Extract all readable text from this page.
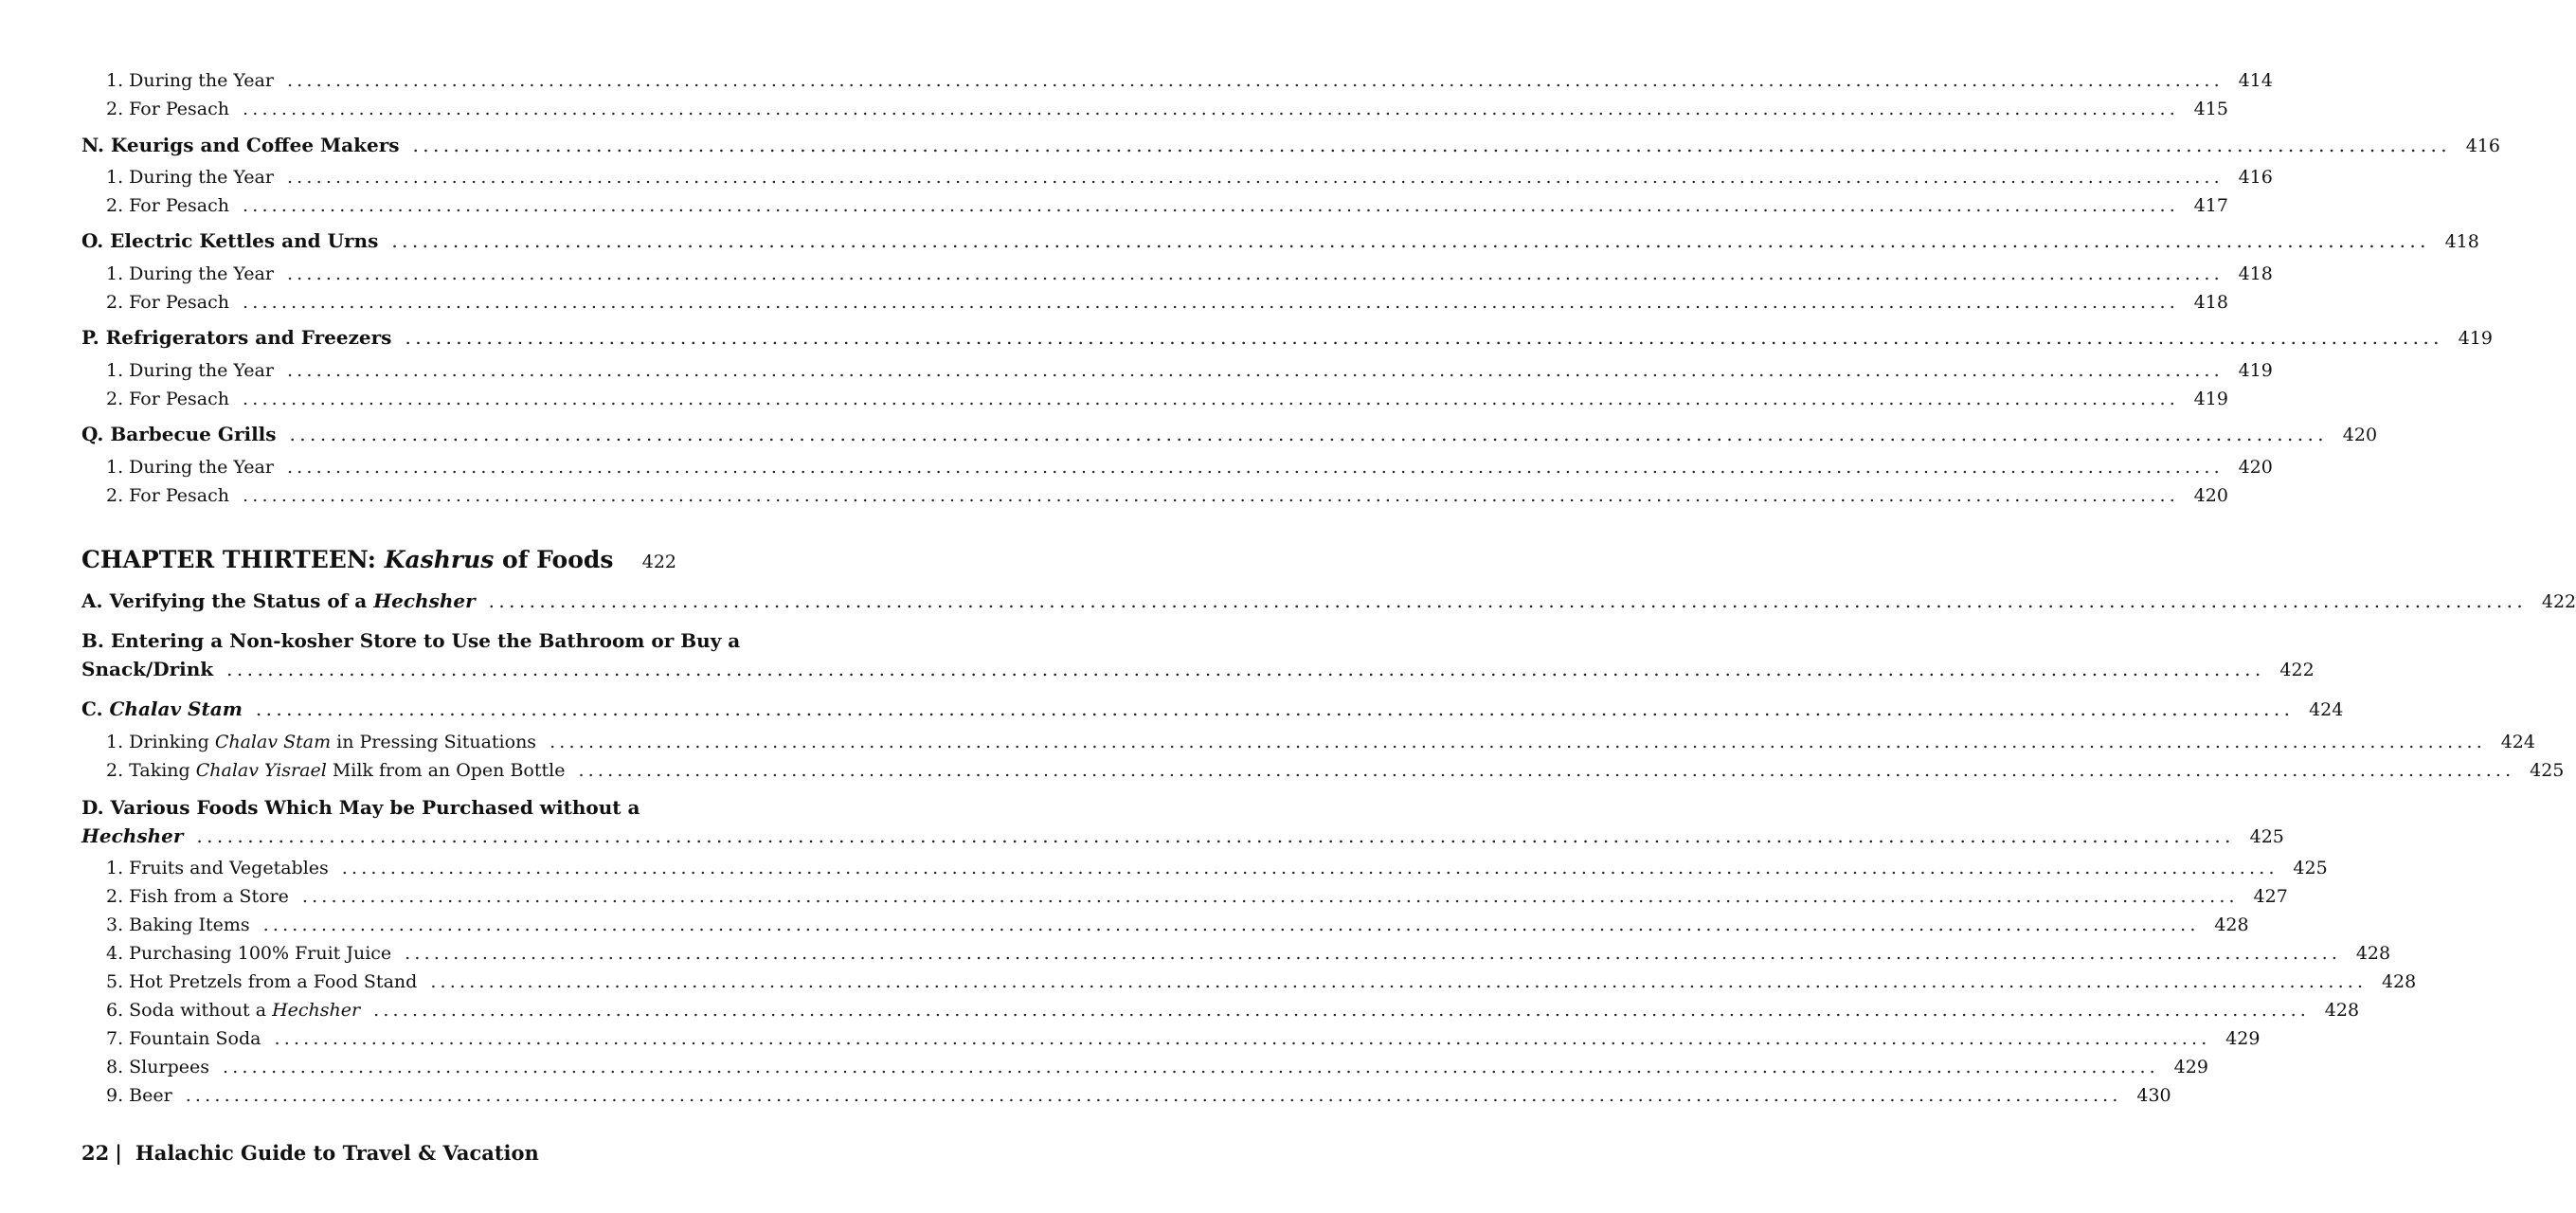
1. During the Year ........................................................................................................................................................................................................ 414
2. For Pesach ........................................................................................................................................................................................................ 415
N. Keurigs and Coffee Makers ........................................................................................................................................................................................................ 416
1. During the Year ........................................................................................................................................................................................................ 416
2. For Pesach ........................................................................................................................................................................................................ 417
O. Electric Kettles and Urns ........................................................................................................................................................................................................ 418
1. During the Year ........................................................................................................................................................................................................ 418
2. For Pesach ........................................................................................................................................................................................................ 418
P. Refrigerators and Freezers ........................................................................................................................................................................................................ 419
1. During the Year ........................................................................................................................................................................................................ 419
2. For Pesach ........................................................................................................................................................................................................ 419
Q. Barbecue Grills ........................................................................................................................................................................................................ 420
1. During the Year ........................................................................................................................................................................................................ 420
2. For Pesach ........................................................................................................................................................................................................ 420
CHAPTER THIRTEEN: Kashrus of Foods 422
A. Verifying the Status of a Hechsher ........................................................................................................................................................................................................ 422
B. Entering a Non-kosher Store to Use the Bathroom or Buy a
Snack/Drink ........................................................................................................................................................................................................ 422
C. Chalav Stam ........................................................................................................................................................................................................ 424
1. Drinking Chalav Stam in Pressing Situations ........................................................................................................................................................................................................ 424
2. Taking Chalav Yisrael Milk from an Open Bottle ........................................................................................................................................................................................................ 425
D. Various Foods Which May be Purchased without a
Hechsher ........................................................................................................................................................................................................ 425
1. Fruits and Vegetables ........................................................................................................................................................................................................ 425
2. Fish from a Store ........................................................................................................................................................................................................ 427
3. Baking Items ........................................................................................................................................................................................................ 428
4. Purchasing 100% Fruit Juice ........................................................................................................................................................................................................ 428
5. Hot Pretzels from a Food Stand ........................................................................................................................................................................................................ 428
6. Soda without a Hechsher ........................................................................................................................................................................................................ 428
7. Fountain Soda ........................................................................................................................................................................................................ 429
8. Slurpees ........................................................................................................................................................................................................ 429
9. Beer ........................................................................................................................................................................................................ 430
22 | Halachic Guide to Travel & Vacation
